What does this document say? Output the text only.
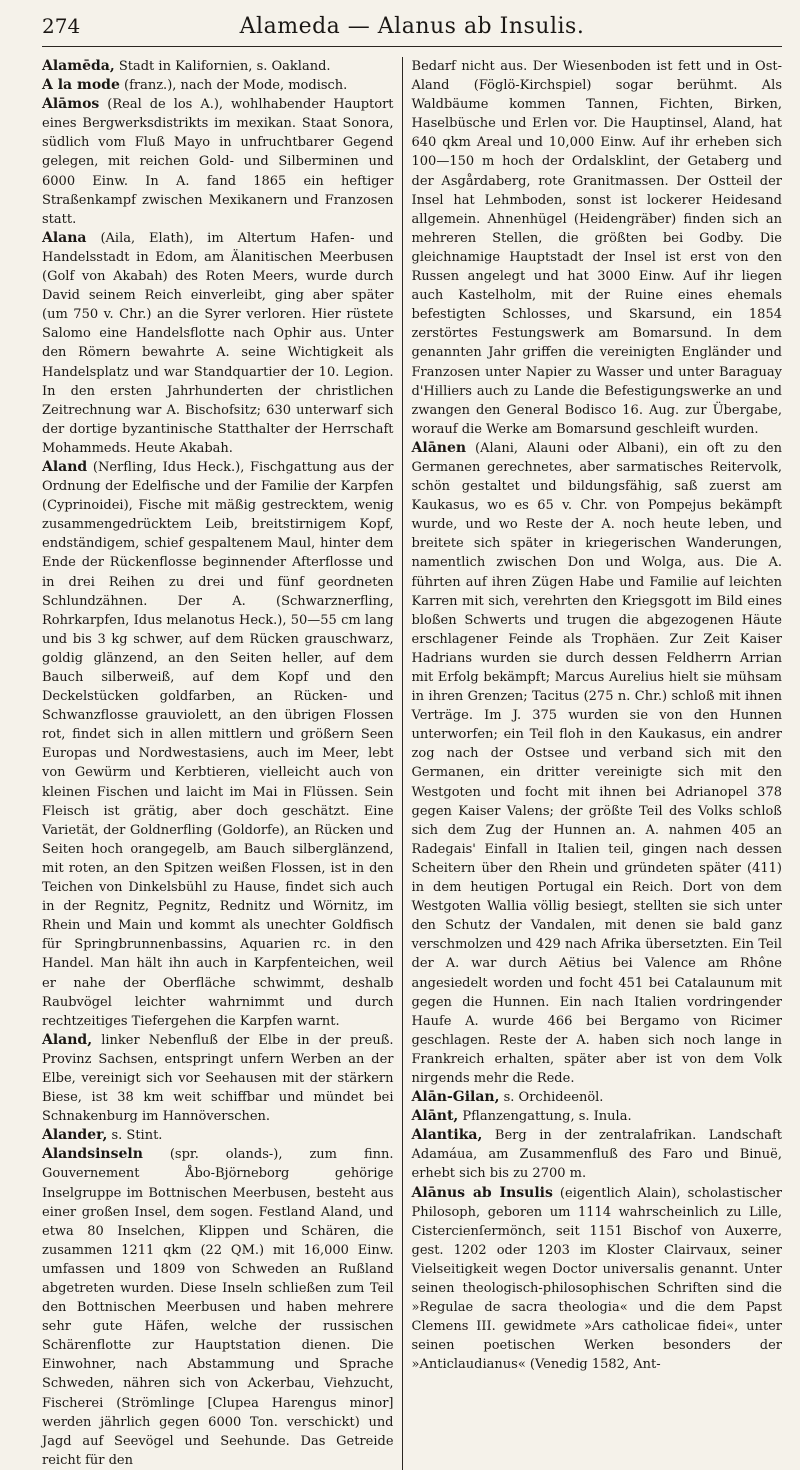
274	Alameda — Alanus ab Insulis.

Alamēda, Stadt in Kalifornien, s. Oakland.

A la mode (franz.), nach der Mode, modisch.

Alāmos (Real de los A.), wohlhabender Hauptort eines Bergwerksdistrikts im mexikan. Staat Sonora, südlich vom Fluß Mayo in unfruchtbarer Gegend gelegen, mit reichen Gold- und Silberminen und 6000 Einw. In A. fand 1865 ein heftiger Straßenkampf zwischen Mexikanern und Franzosen statt.

Alana (Aila, Elath), im Altertum Hafen- und Handelsstadt in Edom, am Älanitischen Meerbusen (Golf von Akabah) des Roten Meers, wurde durch David seinem Reich einverleibt, ging aber später (um 750 v. Chr.) an die Syrer verloren. Hier rüstete Salomo eine Handelsflotte nach Ophir aus. Unter den Römern bewahrte A. seine Wichtigkeit als Handelsplatz und war Standquartier der 10. Legion. In den ersten Jahrhunderten der christlichen Zeitrechnung war A. Bischofsitz; 630 unterwarf sich der dortige byzantinische Statthalter der Herrschaft Mohammeds. Heute Akabah.

Aland (Nerfling, Idus Heck.), Fischgattung aus der Ordnung der Edelfische und der Familie der Karpfen (Cyprinoidei), Fische mit mäßig gestrecktem, wenig zusammengedrücktem Leib, breitstirnigem Kopf, endständigem, schief gespaltenem Maul, hinter dem Ende der Rückenflosse beginnender Afterflosse und in drei Reihen zu drei und fünf geordneten Schlundzähnen. Der A. (Schwarznerfling, Rohrkarpfen, Idus melanotus Heck.), 50—55 cm lang und bis 3 kg schwer, auf dem Rücken grauschwarz, goldig glänzend, an den Seiten heller, auf dem Bauch silberweiß, auf dem Kopf und den Deckelstücken goldfarben, an Rücken- und Schwanzflosse grauviolett, an den übrigen Flossen rot, findet sich in allen mittlern und größern Seen Europas und Nordwestasiens, auch im Meer, lebt von Gewürm und Kerbtieren, vielleicht auch von kleinen Fischen und laicht im Mai in Flüssen. Sein Fleisch ist grätig, aber doch geschätzt. Eine Varietät, der Goldnerfling (Goldorfe), an Rücken und Seiten hoch orangegelb, am Bauch silberglänzend, mit roten, an den Spitzen weißen Flossen, ist in den Teichen von Dinkelsbühl zu Hause, findet sich auch in der Regnitz, Pegnitz, Rednitz und Wörnitz, im Rhein und Main und kommt als unechter Goldfisch für Springbrunnenbassins, Aquarien rc. in den Handel. Man hält ihn auch in Karpfenteichen, weil er nahe der Oberfläche schwimmt, deshalb Raubvögel leichter wahrnimmt und durch rechtzeitiges Tiefergehen die Karpfen warnt.

Aland, linker Nebenfluß der Elbe in der preuß. Provinz Sachsen, entspringt unfern Werben an der Elbe, vereinigt sich vor Seehausen mit der stärkern Biese, ist 38 km weit schiffbar und mündet bei Schnakenburg im Hannöverschen.

Alander, s. Stint.

Alandsinseln (spr. olands-), zum finn. Gouvernement Åbo-Björneborg gehörige Inselgruppe im Bottnischen Meerbusen, besteht aus einer großen Insel, dem sogen. Festland Aland, und etwa 80 Inselchen, Klippen und Schären, die zusammen 1211 qkm (22 QM.) mit 16,000 Einw. umfassen und 1809 von Schweden an Rußland abgetreten wurden. Diese Inseln schließen zum Teil den Bottnischen Meerbusen und haben mehrere sehr gute Häfen, welche der russischen Schärenflotte zur Hauptstation dienen. Die Einwohner, nach Abstammung und Sprache Schweden, nähren sich von Ackerbau, Viehzucht, Fischerei (Strömlinge [Clupea Harengus minor] werden jährlich gegen 6000 Ton. verschickt) und Jagd auf Seevögel und Seehunde. Das Getreide reicht für den

Bedarf nicht aus. Der Wiesenboden ist fett und in Ost-Aland (Föglö-Kirchspiel) sogar berühmt. Als Waldbäume kommen Tannen, Fichten, Birken, Haselbüsche und Erlen vor. Die Hauptinsel, Aland, hat 640 qkm Areal und 10,000 Einw. Auf ihr erheben sich 100—150 m hoch der Ordalsklint, der Getaberg und der Asgårdaberg, rote Granitmassen. Der Ostteil der Insel hat Lehmboden, sonst ist lockerer Heidesand allgemein. Ahnenhügel (Heidengräber) finden sich an mehreren Stellen, die größten bei Godby. Die gleichnamige Hauptstadt der Insel ist erst von den Russen angelegt und hat 3000 Einw. Auf ihr liegen auch Kastelholm, mit der Ruine eines ehemals befestigten Schlosses, und Skarsund, ein 1854 zerstörtes Festungswerk am Bomarsund. In dem genannten Jahr griffen die vereinigten Engländer und Franzosen unter Napier zu Wasser und unter Baraguay d'Hilliers auch zu Lande die Befestigungswerke an und zwangen den General Bodisco 16. Aug. zur Übergabe, worauf die Werke am Bomarsund geschleift wurden.

Alānen (Alani, Alauni oder Albani), ein oft zu den Germanen gerechnetes, aber sarmatisches Reitervolk, schön gestaltet und bildungsfähig, saß zuerst am Kaukasus, wo es 65 v. Chr. von Pompejus bekämpft wurde, und wo Reste der A. noch heute leben, und breitete sich später in kriegerischen Wanderungen, namentlich zwischen Don und Wolga, aus. Die A. führten auf ihren Zügen Habe und Familie auf leichten Karren mit sich, verehrten den Kriegsgott im Bild eines bloßen Schwerts und trugen die abgezogenen Häute erschlagener Feinde als Trophäen. Zur Zeit Kaiser Hadrians wurden sie durch dessen Feldherrn Arrian mit Erfolg bekämpft; Marcus Aurelius hielt sie mühsam in ihren Grenzen; Tacitus (275 n. Chr.) schloß mit ihnen Verträge. Im J. 375 wurden sie von den Hunnen unterworfen; ein Teil floh in den Kaukasus, ein andrer zog nach der Ostsee und verband sich mit den Germanen, ein dritter vereinigte sich mit den Westgoten und focht mit ihnen bei Adrianopel 378 gegen Kaiser Valens; der größte Teil des Volks schloß sich dem Zug der Hunnen an. A. nahmen 405 an Radegais' Einfall in Italien teil, gingen nach dessen Scheitern über den Rhein und gründeten später (411) in dem heutigen Portugal ein Reich. Dort von dem Westgoten Wallia völlig besiegt, stellten sie sich unter den Schutz der Vandalen, mit denen sie bald ganz verschmolzen und 429 nach Afrika übersetzten. Ein Teil der A. war durch Aëtius bei Valence am Rhône angesiedelt worden und focht 451 bei Catalaunum mit gegen die Hunnen. Ein nach Italien vordringender Haufe A. wurde 466 bei Bergamo von Ricimer geschlagen. Reste der A. haben sich noch lange in Frankreich erhalten, später aber ist von dem Volk nirgends mehr die Rede.

Alān-Gilan, s. Orchideenöl.

Alānt, Pflanzengattung, s. Inula.

Alantika, Berg in der zentralafrikan. Landschaft Adamáua, am Zusammenfluß des Faro und Binuë, erhebt sich bis zu 2700 m.

Alānus ab Insulis (eigentlich Alain), scholastischer Philosoph, geboren um 1114 wahrscheinlich zu Lille, Cistercienſermönch, seit 1151 Bischof von Auxerre, gest. 1202 oder 1203 im Kloster Clairvaux, seiner Vielseitigkeit wegen Doctor universalis genannt. Unter seinen theologisch-philosophischen Schriften sind die »Regulae de sacra theologia« und die dem Papst Clemens III. gewidmete »Ars catholicae fidei«, unter seinen poetischen Werken besonders der »Anticlaudianus« (Venedig 1582, Ant-
